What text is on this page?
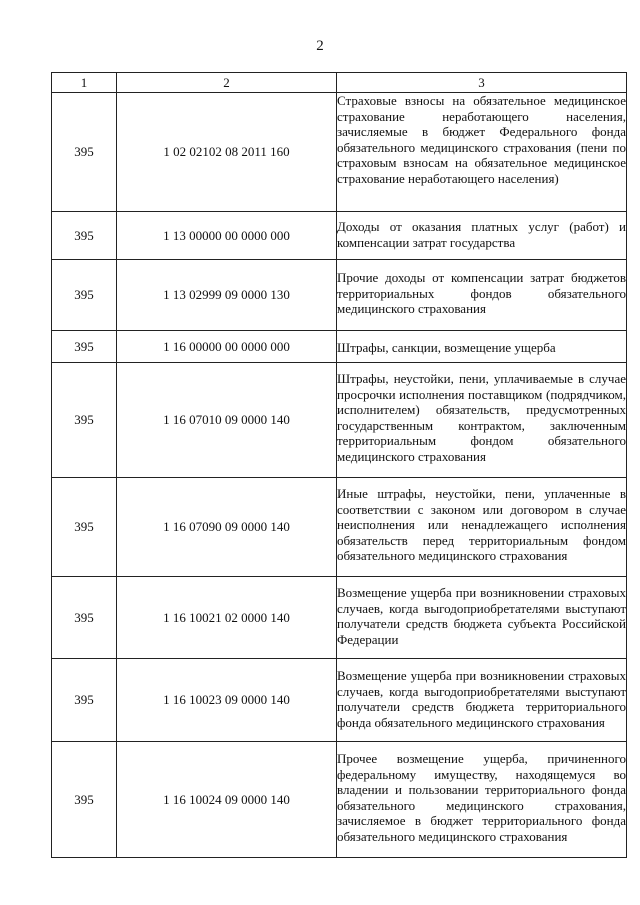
2
1	2	3
395	1 02 02102 08 2011 160	Страховые взносы на обязательное медицинское страхование неработающего населения, зачисляемые в бюджет Федерального фонда обязательного медицинского страхования (пени по страховым взносам на обязательное медицинское страхование неработающего населения)
395	1 13 00000 00 0000 000	Доходы от оказания платных услуг (работ) и компенсации затрат государства
395	1 13 02999 09 0000 130	Прочие доходы от компенсации затрат бюджетов территориальных фондов обязательного медицинского страхования
395	1 16 00000 00 0000 000	Штрафы, санкции, возмещение ущерба
395	1 16 07010 09 0000 140	Штрафы, неустойки, пени, уплачиваемые в случае просрочки исполнения поставщиком (подрядчиком, исполнителем) обязательств, предусмотренных государственным контрактом, заключенным территориальным фондом обязательного медицинского страхования
395	1 16 07090 09 0000 140	Иные штрафы, неустойки, пени, уплаченные в соответствии с законом или договором в случае неисполнения или ненадлежащего исполнения обязательств перед территориальным фондом обязательного медицинского страхования
395	1 16 10021 02 0000 140	Возмещение ущерба при возникновении страховых случаев, когда выгодоприобретателями выступают получатели средств бюджета субъекта Российской Федерации
395	1 16 10023 09 0000 140	Возмещение ущерба при возникновении страховых случаев, когда выгодоприобретателями выступают получатели средств бюджета территориального фонда обязательного медицинского страхования
395	1 16 10024 09 0000 140	Прочее возмещение ущерба, причиненного федеральному имуществу, находящемуся во владении и пользовании территориального фонда обязательного медицинского страхования, зачисляемое в бюджет территориального фонда обязательного медицинского страхования
